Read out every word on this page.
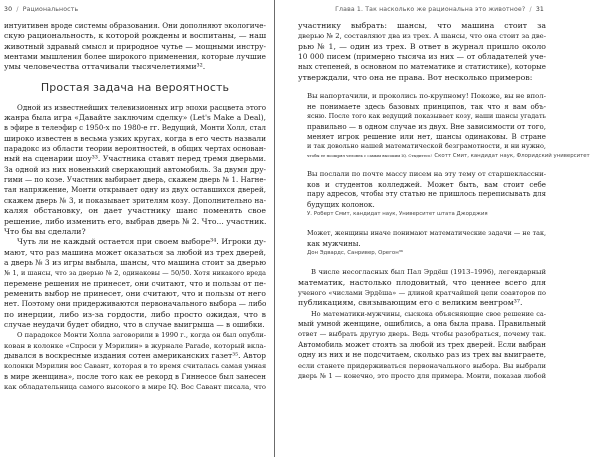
30 / Рациональность
интуитивен вроде системы образования. Они дополняют экологиче-
скую рациональность, к которой рождены и воспитаны, — наш
животный здравый смысл и природное чутье — мощными инстру-
ментами мышления более широкого применения, которые лучшие
умы человечества оттачивали тысячелетиями³².
Простая задача на вероятность
Одной из известнейших телевизионных игр эпохи расцвета этого
жанра была игра «Давайте заключим сделку» (Let's Make a Deal),
в эфире в телеэфир с 1950-х по 1980-е гг. Ведущий, Монти Холл, стал
широко известен в весьма узких кругах, когда в его честь назвали
парадокс из области теории вероятностей, в общих чертах основан-
ный на сценарии шоу³³. Участника ставят перед тремя дверьми.
За одной из них новенький сверкающий автомобиль. За двумя дру-
гими — по козе. Участник выбирает дверь, скажем дверь № 1. Нагне-
тая напряжение, Монти открывает одну из двух оставшихся дверей,
скажем дверь № 3, и показывает зрителям козу. Дополнительно на-
каляя обстановку, он дает участнику шанс поменять свое
решение, либо изменить его, выбрав дверь № 2. Что... участник.
Что бы вы сделали?
Чуть ли не каждый остается при своем выборе³⁴. Игроки ду-
мают, что раз машина может оказаться за любой из трех дверей,
а дверь № 3 из игры выбыла, шансы, что машина стоит за дверью
№ 1, и шансы, что за дверью № 2, одинаковы — 50/50. Хотя никакого вреда
перемене решения не принесет, они считают, что и пользы от пе-
ременить выбор не принесет, они считают, что и пользы от него
нет. Поэтому они придерживаются первоначального выбора — либо
по инерции, либо из-за гордости, либо просто ожидая, что в
случае неудачи будет обидно, что в случае выигрыша — в ошибки.
О парадоксе Монти Холла заговорили в 1990 г., когда он был опубли-
кован в колонке «Спроси у Мэрилин» в журнале Parade, который вкла-
дывался в воскресные издания сотен американских газет³⁵. Автор
колонки Мэрилин вос Савант, которая в то время считалась самая умная
в мире женщина», после того как ее рекорд в Гиннессе был занесен
как обладательница самого высокого в мире IQ. Вос Савант писала, что
Глава 1. Так насколько же рациональна это животное? / 31
участнику выбрать: шансы, что машина стоит за
дверью № 2, составляют два из трех. А шансы, что она стоит за две-
рью № 1, — один из трех. В ответ в журнал пришло около
10 000 писем (примерно тысяча из них — от обладателей уче-
ных степеней, в основном по математике и статистике), которые
утверждали, что она не права. Вот несколько примеров:
Вы напортачили, и проколись по-крупному! Покоже, вы не впол-
не понимаете здесь базовых принципов, так что я вам объ-
ясню. После того как ведущий показывает козу, наши шансы угадать
правильно — в одном случае из двух. Вне зависимости от того,
меняет игрок решение или нет, шансы одинаковы. В стране
и так довольно нашей математической безграмотности, и ни нужно,
чтобы ее поощрял человек с самым высоким IQ. Стыдитесь! Скотт Смит, кандидат наук, Флоридский университет
Вы послали по почте массу писем на эту тему от старшеклассни-
ков и студентов колледжей. Может быть, вам стоит себе
пару адресов, чтобы эту статью не пришлось переписывать для
будущих колонок.
У. Роберт Смит, кандидат наук, Университет штата Джорджия
Может, женщины иначе понимают математические задачи — не так,
как мужчины.
Дон Эдвардс, Санривер, Орегон³⁶
В числе несогласных был Пал Эрдёш (1913–1996), легендарный
математик, настолько плодовитый, что ценнее всего для
ученого «числами Эрдёша» — длиной кратчайшей цепи соавторов по
публикациям, связывающим его с великим венгром³⁷.
Но математики-мужчины, сыскока объясняющие свое решение са-
мый умной женщине, ошиблись, а она была права. Правильный
ответ — выбрать другую дверь. Ведь чтобы разобраться, почему так.
Автомобиль может стоять за любой из трех дверей. Если выбран
одну из них и не подсчитаем, сколько раз из трех вы выиграете,
если станете придерживаться первоначального выбора. Вы выбрали
дверь № 1 — конечно, это просто для примера. Монти, показав любой
